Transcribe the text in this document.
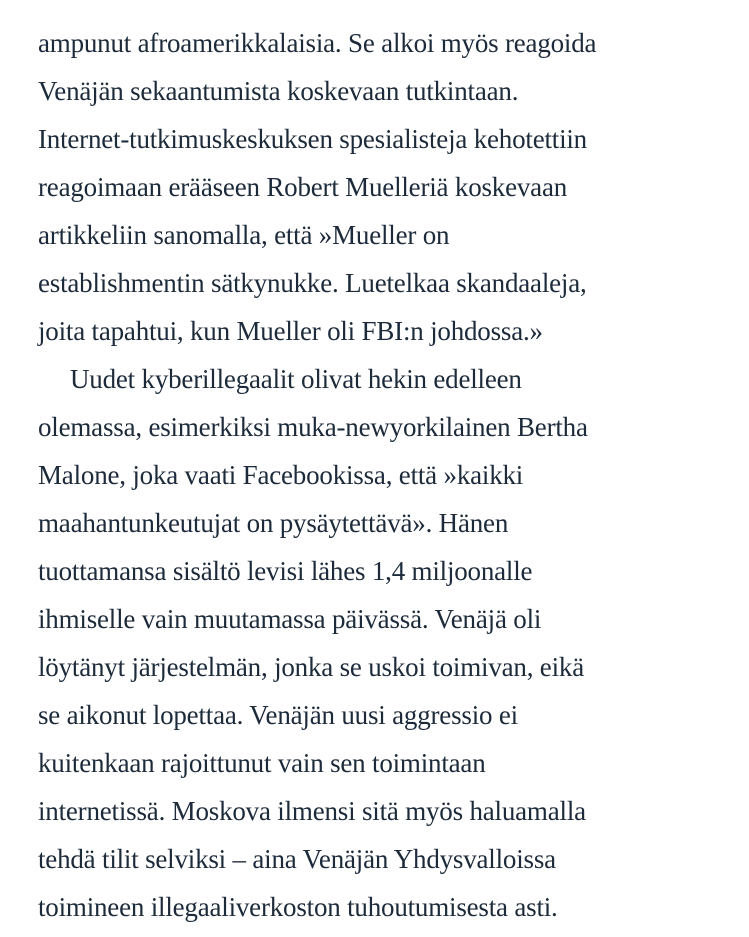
ampunut afroamerikkalaisia. Se alkoi myös reagoida
Venäjän sekaantumista koskevaan tutkintaan.
Internet-tutkimuskeskuksen spesialisteja kehotettiin
reagoimaan erääseen Robert Muelleriä koskevaan
artikkeliin sanomalla, että »Mueller on
establishmentin sätkynukke. Luetelkaa skandaaleja,
joita tapahtui, kun Mueller oli FBI:n johdossa.»
Uudet kyberillegaalit olivat hekin edelleen
olemassa, esimerkiksi muka-newyorkilainen Bertha
Malone, joka vaati Facebookissa, että »kaikki
maahantunkeutujat on pysäytettävä». Hänen
tuottamansa sisältö levisi lähes 1,4 miljoonalle
ihmiselle vain muutamassa päivässä. Venäjä oli
löytänyt järjestelmän, jonka se uskoi toimivan, eikä
se aikonut lopettaa. Venäjän uusi aggressio ei
kuitenkaan rajoittunut vain sen toimintaan
internetissä. Moskova ilmensi sitä myös haluamalla
tehdä tilit selviksi – aina Venäjän Yhdysvalloissa
toimineen illegaaliverkoston tuhoutumisesta asti.
